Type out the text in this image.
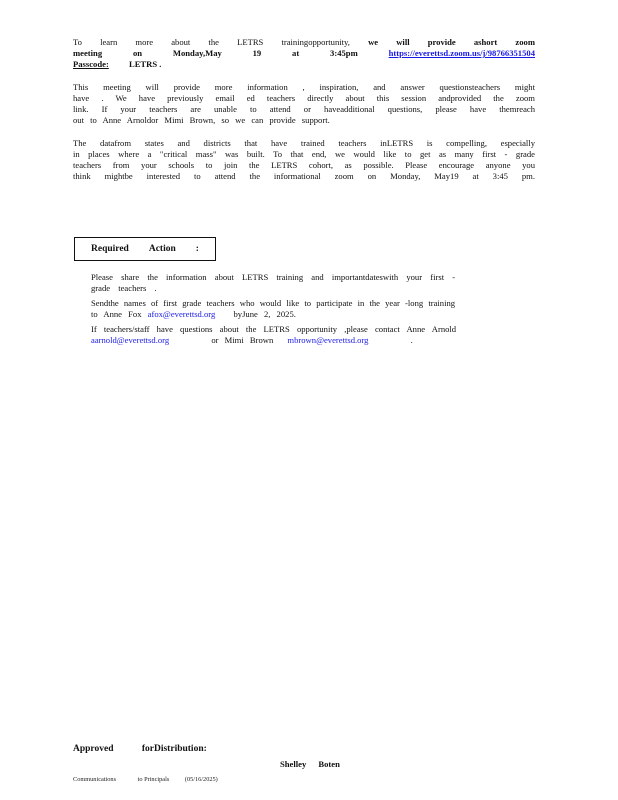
To learn more about the LETRS trainingopportunity, we will provide ashort zoom
meeting on Monday,May 19 at 3:45pm	https://everettsd.zoom.us/j/98766351504
Passcode: LETRS .
This meeting will provide more information , inspiration, and answer questionsteachers might
have . We have previously email ed teachers directly about this session andprovided the zoom
link. If your teachers are unable to attend or haveadditional questions, please have themreach
out to Anne Arnoldor Mimi Brown, so we can provide support.
The datafrom states and districts that have trained teachers inLETRS is compelling, especially
in places where a "critical mass" was built. To that end, we would like to get as many first - grade
teachers from your schools to join the LETRS cohort, as possible. Please encourage anyone you
think mightbe interested to attend the informational zoom on Monday, May19 at 3:45 pm.
Required Action :
Please share the information about LETRS training and importantdateswith your first -
grade teachers .
Sendthe names of first grade teachers who would like to participate in the year -long training
to Anne Fox afox@everettsd.org byJune 2, 2025.
If teachers/staff have questions about the LETRS opportunity ,please contact Anne Arnold
aarnold@everettsd.org	or Mimi Brown mbrown@everettsd.org	.
Approved	forDistribution:
Shelley Boten
Communications	to Principals (05/16/2025)
